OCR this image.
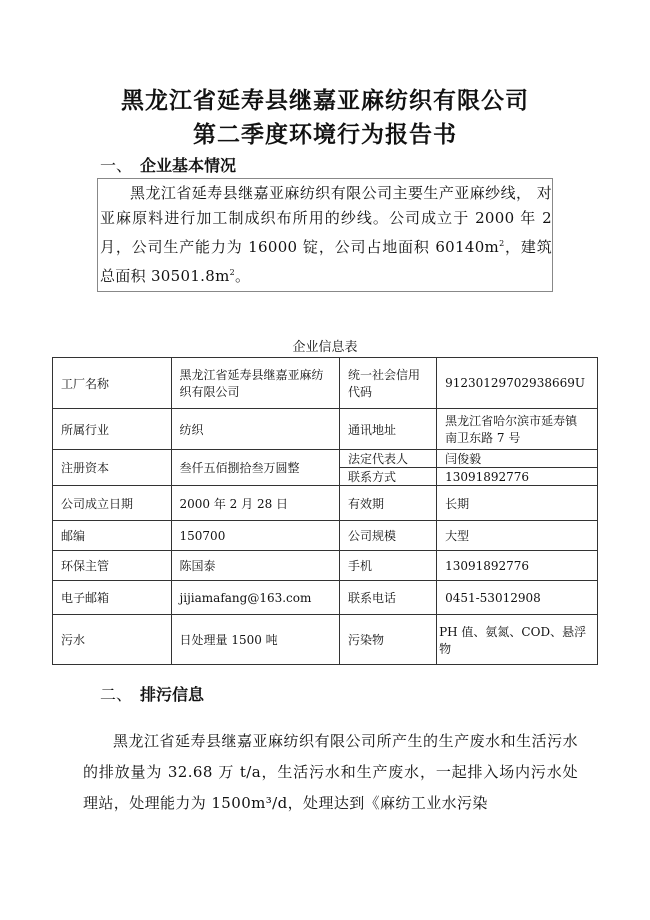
黑龙江省延寿县继嘉亚麻纺织有限公司
第二季度环境行为报告书
一、 企业基本情况

黑龙江省延寿县继嘉亚麻纺织有限公司主要生产亚麻纱线， 对亚麻原料进行加工制成织布所用的纱线。公司成立于 2000 年 2 月，公司生产能力为 16000 锭，公司占地面积 $60140m^2$，建筑总面积 $30501.8m^2$。

企业信息表
工厂名称	黑龙江省延寿县继嘉亚麻纺织有限公司	统一社会信用代码	91230129702938669U
所属行业	纺织	通讯地址	黑龙江省哈尔滨市延寿镇南卫东路 7 号
注册资本	叁仟五佰捌拾叁万圆整	法定代表人	闫俊毅
		联系方式	13091892776
公司成立日期	2000 年 2 月 28 日	有效期	长期
邮编	150700	公司规模	大型
环保主管	陈国泰	手机	13091892776
电子邮箱	jijiamafang@163.com	联系电话	0451-53012908
污水	日处理量 1500 吨	污染物	PH 值、氨氮、COD、悬浮物
二、 排污信息

黑龙江省延寿县继嘉亚麻纺织有限公司所产生的生产废水和生活污水的排放量为 32.68 万 t/a，生活污水和生产废水，一起排入场内污水处理站，处理能力为 1500m³/d，处理达到《麻纺工业水污染
